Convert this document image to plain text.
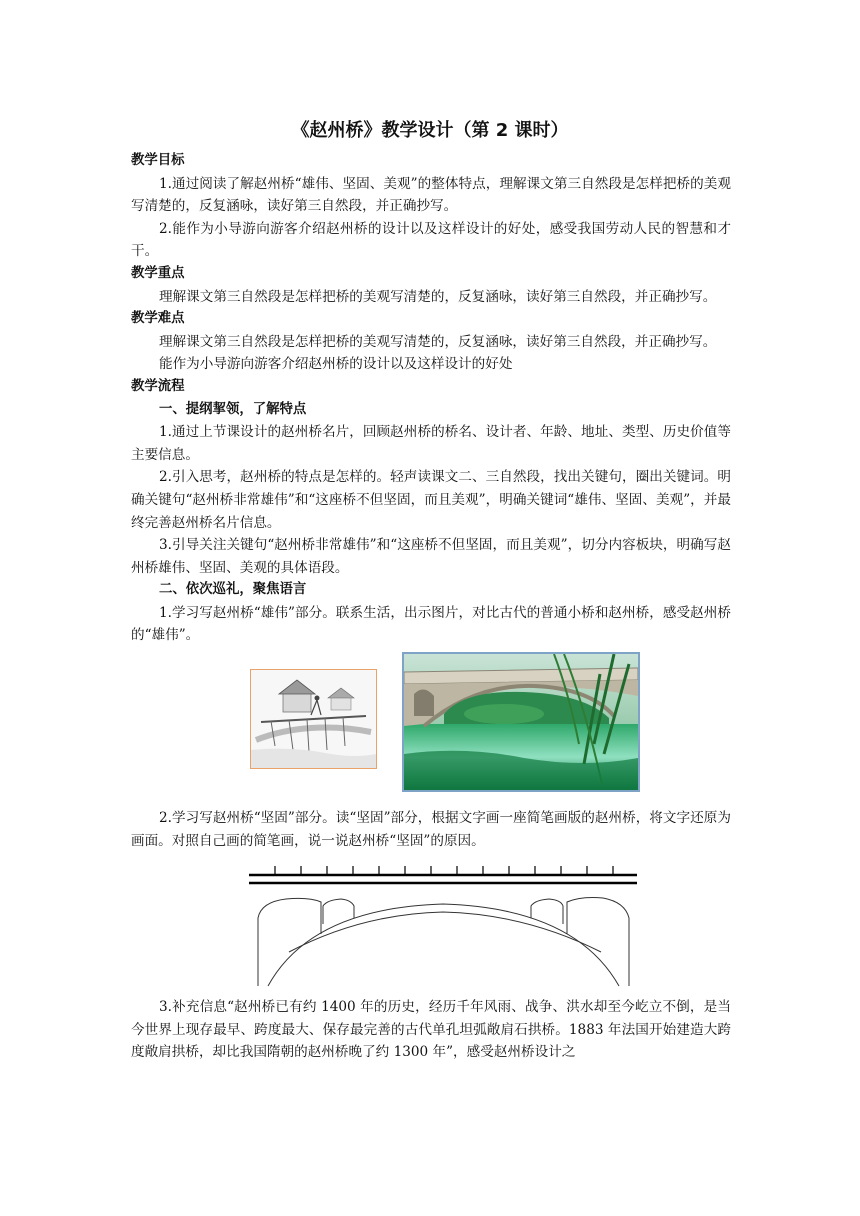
《赵州桥》教学设计（第 2 课时）

教学目标

1.通过阅读了解赵州桥“雄伟、坚固、美观”的整体特点，理解课文第三自然段是怎样把桥的美观写清楚的，反复涵咏，读好第三自然段，并正确抄写。

2.能作为小导游向游客介绍赵州桥的设计以及这样设计的好处，感受我国劳动人民的智慧和才干。

教学重点

理解课文第三自然段是怎样把桥的美观写清楚的，反复涵咏，读好第三自然段，并正确抄写。

教学难点

理解课文第三自然段是怎样把桥的美观写清楚的，反复涵咏，读好第三自然段，并正确抄写。

能作为小导游向游客介绍赵州桥的设计以及这样设计的好处

教学流程

一、提纲挈领，了解特点

1.通过上节课设计的赵州桥名片，回顾赵州桥的桥名、设计者、年龄、地址、类型、历史价值等主要信息。

2.引入思考，赵州桥的特点是怎样的。轻声读课文二、三自然段，找出关键句，圈出关键词。明确关键句“赵州桥非常雄伟”和“这座桥不但坚固，而且美观”，明确关键词“雄伟、坚固、美观”，并最终完善赵州桥名片信息。

3.引导关注关键句“赵州桥非常雄伟”和“这座桥不但坚固，而且美观”，切分内容板块，明确写赵州桥雄伟、坚固、美观的具体语段。

二、依次巡礼，聚焦语言

1.学习写赵州桥“雄伟”部分。联系生活，出示图片，对比古代的普通小桥和赵州桥，感受赵州桥的“雄伟”。

2.学习写赵州桥“坚固”部分。读“坚固”部分，根据文字画一座简笔画版的赵州桥，将文字还原为画面。对照自己画的简笔画，说一说赵州桥“坚固”的原因。

3.补充信息“赵州桥已有约 1400 年的历史，经历千年风雨、战争、洪水却至今屹立不倒，是当今世界上现存最早、跨度最大、保存最完善的古代单孔坦弧敞肩石拱桥。1883 年法国开始建造大跨度敞肩拱桥，却比我国隋朝的赵州桥晚了约 1300 年”，感受赵州桥设计之
